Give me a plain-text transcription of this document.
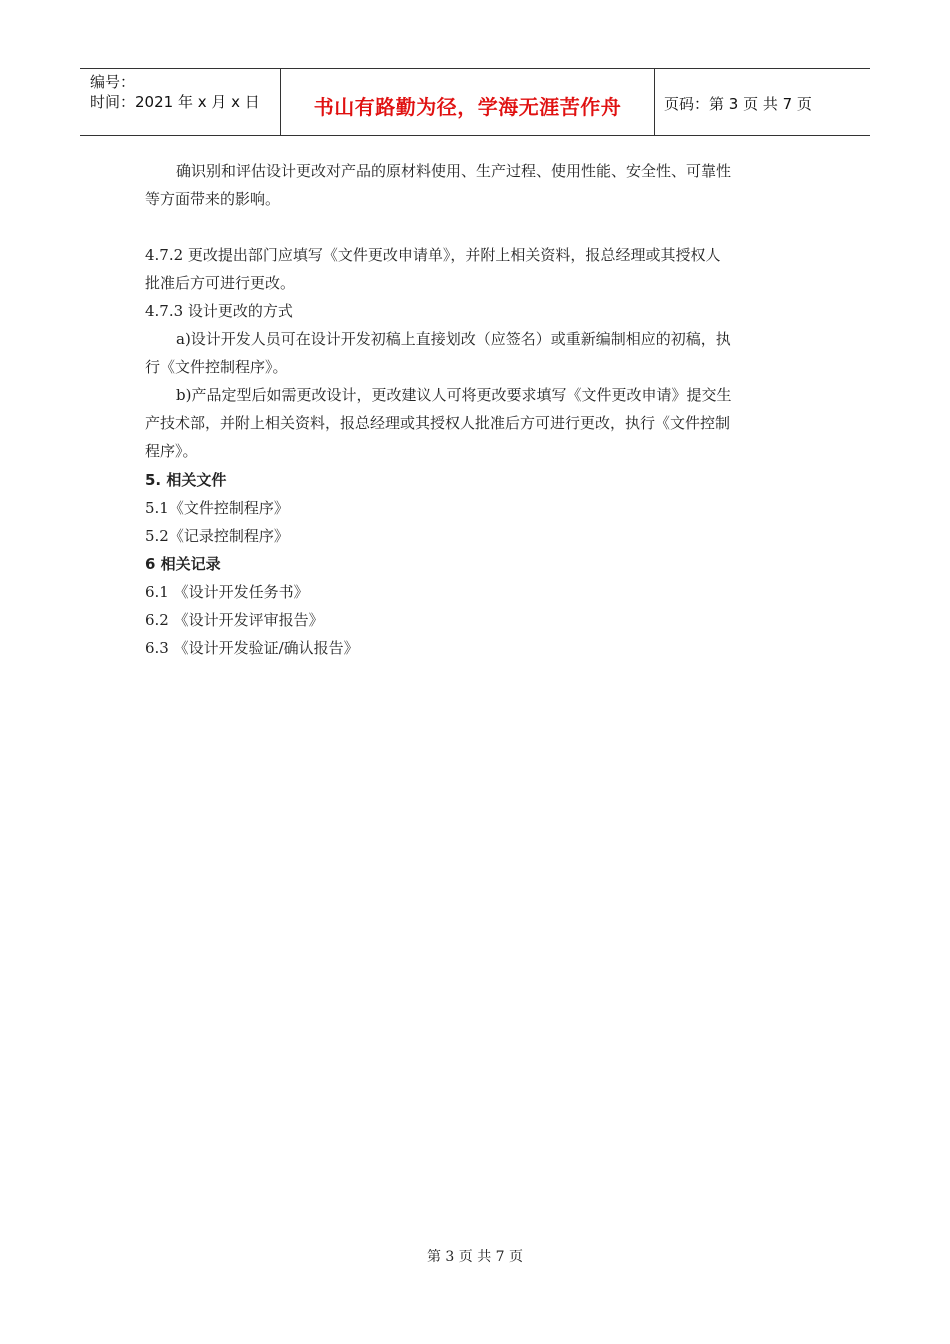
编号：
时间：2021 年 x 月 x 日	书山有路勤为径，学海无涯苦作舟	页码：第 3 页 共 7 页
确识别和评估设计更改对产品的原材料使用、生产过程、使用性能、安全性、可靠性
等方面带来的影响。
4.7.2 更改提出部门应填写《文件更改申请单》，并附上相关资料，报总经理或其授权人
批准后方可进行更改。
4.7.3 设计更改的方式
a)设计开发人员可在设计开发初稿上直接划改（应签名）或重新编制相应的初稿，执
行《文件控制程序》。
b)产品定型后如需更改设计，更改建议人可将更改要求填写《文件更改申请》提交生
产技术部，并附上相关资料，报总经理或其授权人批准后方可进行更改，执行《文件控制
程序》。
5. 相关文件
5.1《文件控制程序》
5.2《记录控制程序》
6 相关记录
6.1 《设计开发任务书》
6.2 《设计开发评审报告》
6.3 《设计开发验证/确认报告》
第 3 页 共 7 页
